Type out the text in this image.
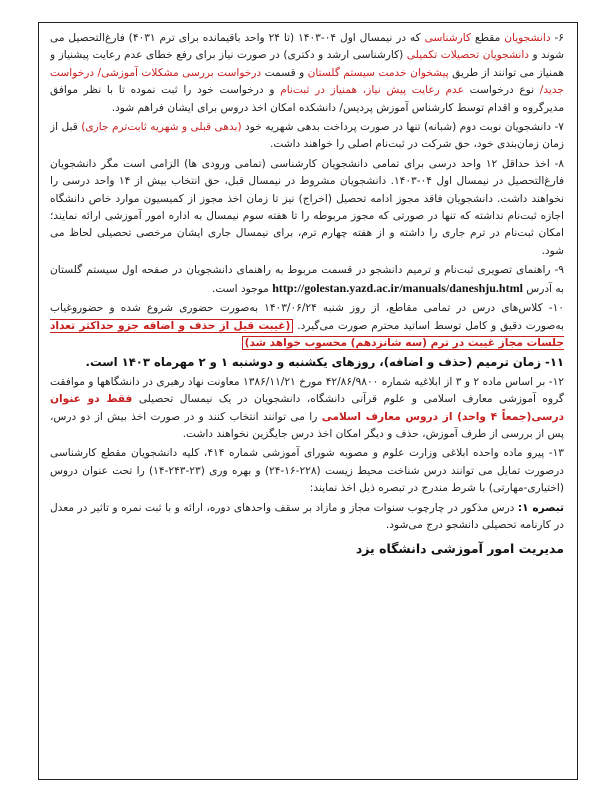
۶- دانشجویان مقطع کارشناسی که در نیمسال اول ۰۴-۱۴۰۳ (تا ۲۴ واحد باقیمانده برای ترم ۴۰۳۱) فارغ‌التحصیل می شوند و دانشجویان تحصیلات تکمیلی (کارشناسی ارشد و دکتری) در صورت نیاز برای رفع خطای عدم رعایت پیشنیاز و همنیاز می توانند از طریق پیشخوان خدمت سیستم گلستان و قسمت درخواست بررسی مشکلات آموزشی/ درخواست جدید/ نوع درخواست عدم رعایت پیش نیاز، همنیاز در ثبت‌نام و درخواست خود را ثبت نموده تا با نظر موافق مدیرگروه و اقدام توسط کارشناس آموزش پردیس/ دانشکده امکان اخذ دروس برای ایشان فراهم شود.

۷- دانشجویان نوبت دوم (شبانه) تنها در صورت پرداخت بدهی شهریه خود (بدهی قبلی و شهریه ثابت‌ترم جاری) قبل از زمان زمان‌بندی خود، حق شرکت در ثبت‌نام اصلی را خواهند داشت.

۸- اخذ حداقل ۱۲ واحد درسی برای تمامی دانشجویان کارشناسی (تمامی ورودی ها) الزامی است مگر دانشجویان فارغ‌التحصیل در نیمسال اول ۰۴-۱۴۰۳. دانشجویان مشروط در نیمسال قبل، حق انتخاب بیش از ۱۴ واحد درسی را نخواهند داشت. دانشجویان فاقد مجوز ادامه تحصیل (اخراج) نیز تا زمان اخذ مجوز از کمیسیون موارد خاص دانشگاه اجازه ثبت‌نام نداشته که تنها در صورتی که مجوز مربوطه را تا هفته سوم نیمسال به اداره امور آموزشی ارائه نمایند؛ امکان ثبت‌نام در ترم جاری را داشته و از هفته چهارم ترم، برای نیمسال جاری ایشان مرخصی تحصیلی لحاظ می شود.

۹- راهنمای تصویری ثبت‌نام و ترمیم دانشجو در قسمت مربوط به راهنمای دانشجویان در صفحه اول سیستم گلستان به آدرس http://golestan.yazd.ac.ir/manuals/daneshju.html موجود است.

۱۰- کلاس‌های درس در تمامی مقاطع، از روز شنبه ۱۴۰۳/۰۶/۲۴ به‌صورت حضوری شروع شده و حضوروغیاب به‌صورت دقیق و کامل توسط اساتید محترم صورت می‌گیرد. (غیبت قبل از حذف و اضافه جزو حداکثر تعداد جلسات مجاز غیبت در ترم (سه شانزدهم) محسوب خواهد شد)

۱۱- زمان ترمیم (حذف و اضافه)، روزهای یکشنبه و دوشنبه ۱ و ۲ مهرماه ۱۴۰۳ است.

۱۲- بر اساس ماده ۲ و ۳ از ابلاغیه شماره ۴۲/۸۶/۹۸۰۰ مورخ ۱۳۸۶/۱۱/۲۱ معاونت نهاد رهبری در دانشگاهها و موافقت گروه آموزشی معارف اسلامی و علوم قرآنی دانشگاه، دانشجویان در یک نیمسال تحصیلی فقط دو عنوان درسی(جمعاً ۴ واحد) از دروس معارف اسلامی را می توانند انتخاب کنند و در صورت اخذ بیش از دو درس، پس از بررسی از طرف آموزش، حذف و دیگر امکان اخذ درس جایگزین نخواهند داشت.

۱۳- پیرو ماده واحده ابلاغی وزارت علوم و مصوبه شورای آموزشی شماره ۴۱۴، کلیه دانشجویان مقطع کارشناسی درصورت تمایل می توانند درس شناخت محیط زیست (۲۲۸-۱۶-۲۴) و بهره وری (۲۳-۲۴۳-۱۴) را تحت عنوان دروس (اختیاری-مهارتی) با شرط مندرج در تبصره ذیل اخذ نمایند:

تبصره ۱: درس مذکور در چارچوب سنوات مجاز و مازاد بر سقف واحدهای دوره، ارائه و با ثبت نمره و تاثیر در معدل در کارنامه تحصیلی دانشجو درج می‌شود.

مدیریت امور آموزشی دانشگاه یزد
